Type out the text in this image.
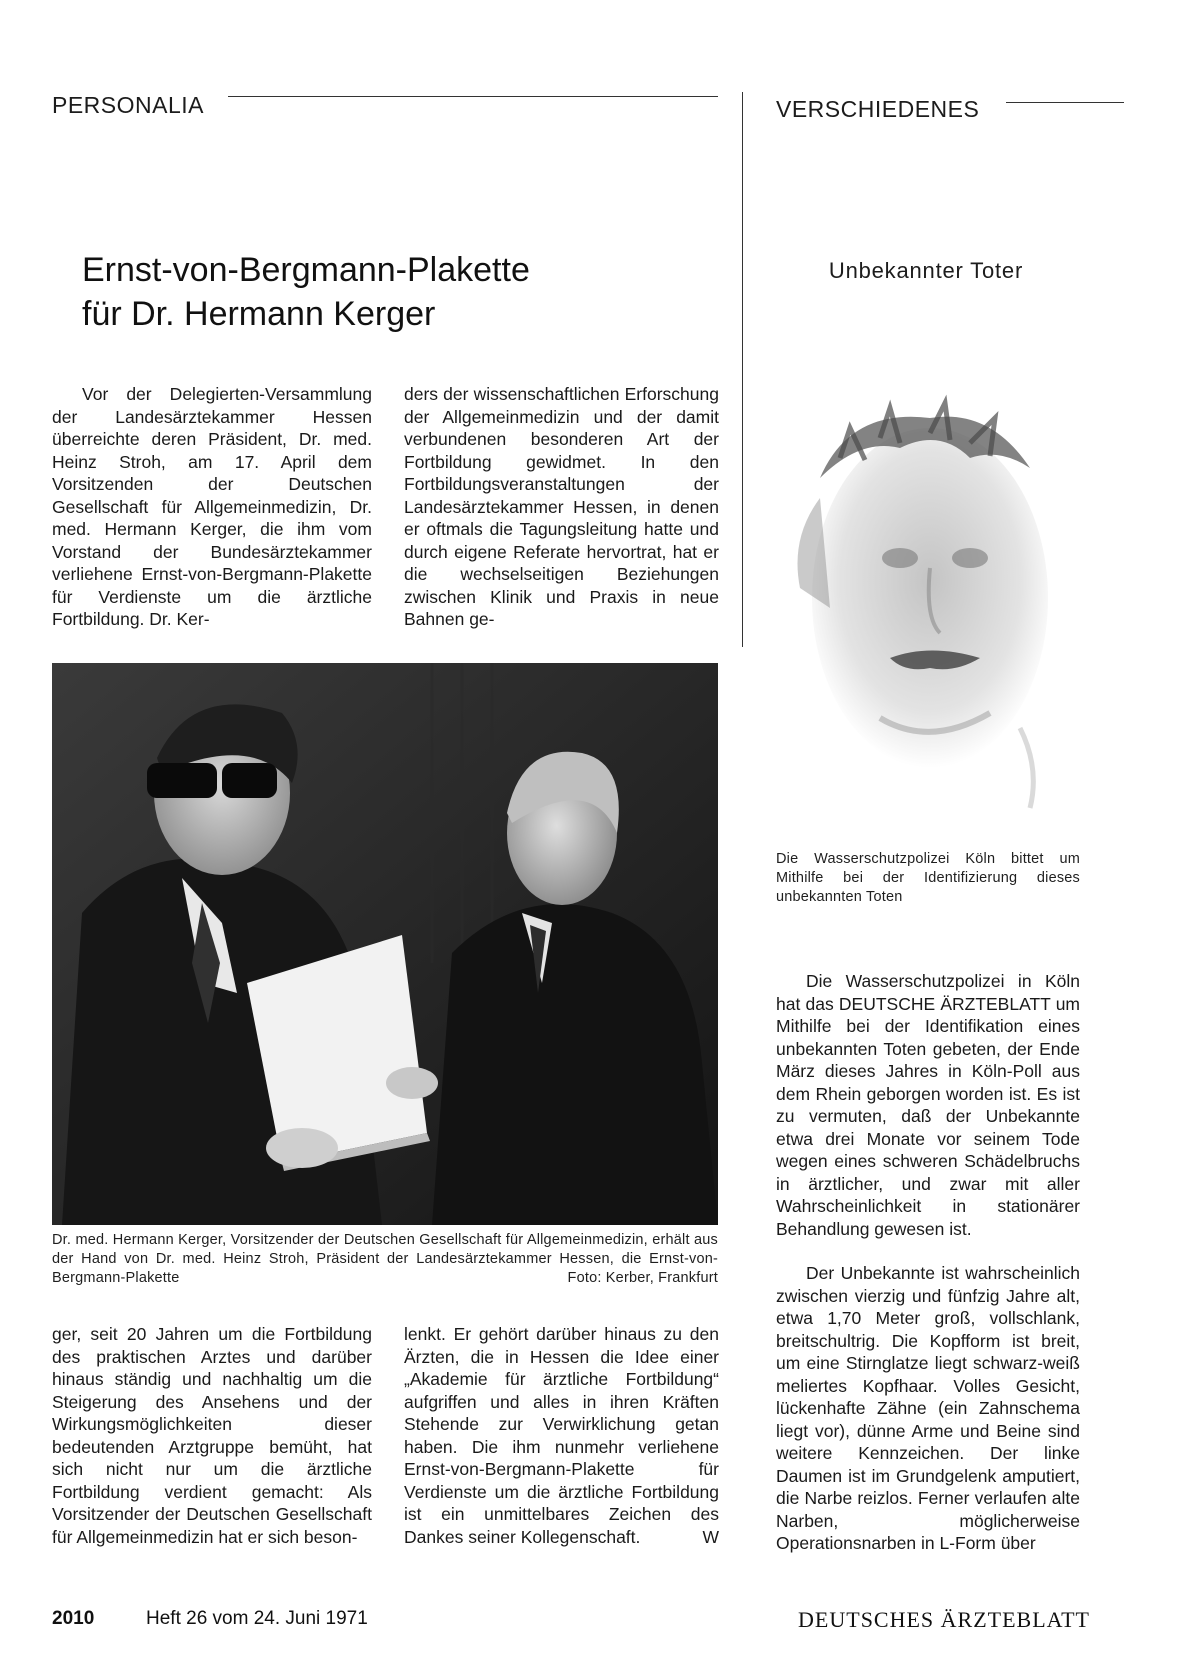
PERSONALIA	VERSCHIEDENES
Ernst-von-Bergmann-Plakette
für Dr. Hermann Kerger

Vor der Delegierten-Versammlung der Landesärztekammer Hessen überreichte deren Präsident, Dr. med. Heinz Stroh, am 17. April dem Vorsitzenden der Deutschen Gesellschaft für Allgemeinmedizin, Dr. med. Hermann Kerger, die ihm vom Vorstand der Bundesärztekammer verliehene Ernst-von-Bergmann-Plakette für Verdienste um die ärztliche Fortbildung. Dr. Ker-

ders der wissenschaftlichen Erforschung der Allgemeinmedizin und der damit verbundenen besonderen Art der Fortbildung gewidmet. In den Fortbildungsveranstaltungen der Landesärztekammer Hessen, in denen er oftmals die Tagungsleitung hatte und durch eigene Referate hervortrat, hat er die wechselseitigen Beziehungen zwischen Klinik und Praxis in neue Bahnen ge-

Dr. med. Hermann Kerger, Vorsitzender der Deutschen Gesellschaft für Allgemeinmedizin, erhält aus der Hand von Dr. med. Heinz Stroh, Präsident der Landesärztekammer Hessen, die Ernst-von-Bergmann-Plakette	Foto: Kerber, Frankfurt

ger, seit 20 Jahren um die Fortbildung des praktischen Arztes und darüber hinaus ständig und nachhaltig um die Steigerung des Ansehens und der Wirkungsmöglichkeiten dieser bedeutenden Arztgruppe bemüht, hat sich nicht nur um die ärztliche Fortbildung verdient gemacht: Als Vorsitzender der Deutschen Gesellschaft für Allgemeinmedizin hat er sich beson-

lenkt. Er gehört darüber hinaus zu den Ärzten, die in Hessen die Idee einer „Akademie für ärztliche Fortbildung“ aufgriffen und alles in ihren Kräften Stehende zur Verwirklichung getan haben. Die ihm nunmehr verliehene Ernst-von-Bergmann-Plakette für Verdienste um die ärztliche Fortbildung ist ein unmittelbares Zeichen des Dankes seiner Kollegenschaft.	W

Unbekannter Toter
Die Wasserschutzpolizei Köln bittet um Mithilfe bei der Identifizierung dieses unbekannten Toten

Die Wasserschutzpolizei in Köln hat das DEUTSCHE ÄRZTEBLATT um Mithilfe bei der Identifikation eines unbekannten Toten gebeten, der Ende März dieses Jahres in Köln-Poll aus dem Rhein geborgen worden ist. Es ist zu vermuten, daß der Unbekannte etwa drei Monate vor seinem Tode wegen eines schweren Schädelbruchs in ärztlicher, und zwar mit aller Wahrscheinlichkeit in stationärer Behandlung gewesen ist.

Der Unbekannte ist wahrscheinlich zwischen vierzig und fünfzig Jahre alt, etwa 1,70 Meter groß, vollschlank, breitschultrig. Die Kopfform ist breit, um eine Stirnglatze liegt schwarz-weiß meliertes Kopfhaar. Volles Gesicht, lückenhafte Zähne (ein Zahnschema liegt vor), dünne Arme und Beine sind weitere Kennzeichen. Der linke Daumen ist im Grundgelenk amputiert, die Narbe reizlos. Ferner verlaufen alte Narben, möglicherweise Operationsnarben in L-Form über

2010	Heft 26 vom 24. Juni 1971	DEUTSCHES ÄRZTEBLATT
